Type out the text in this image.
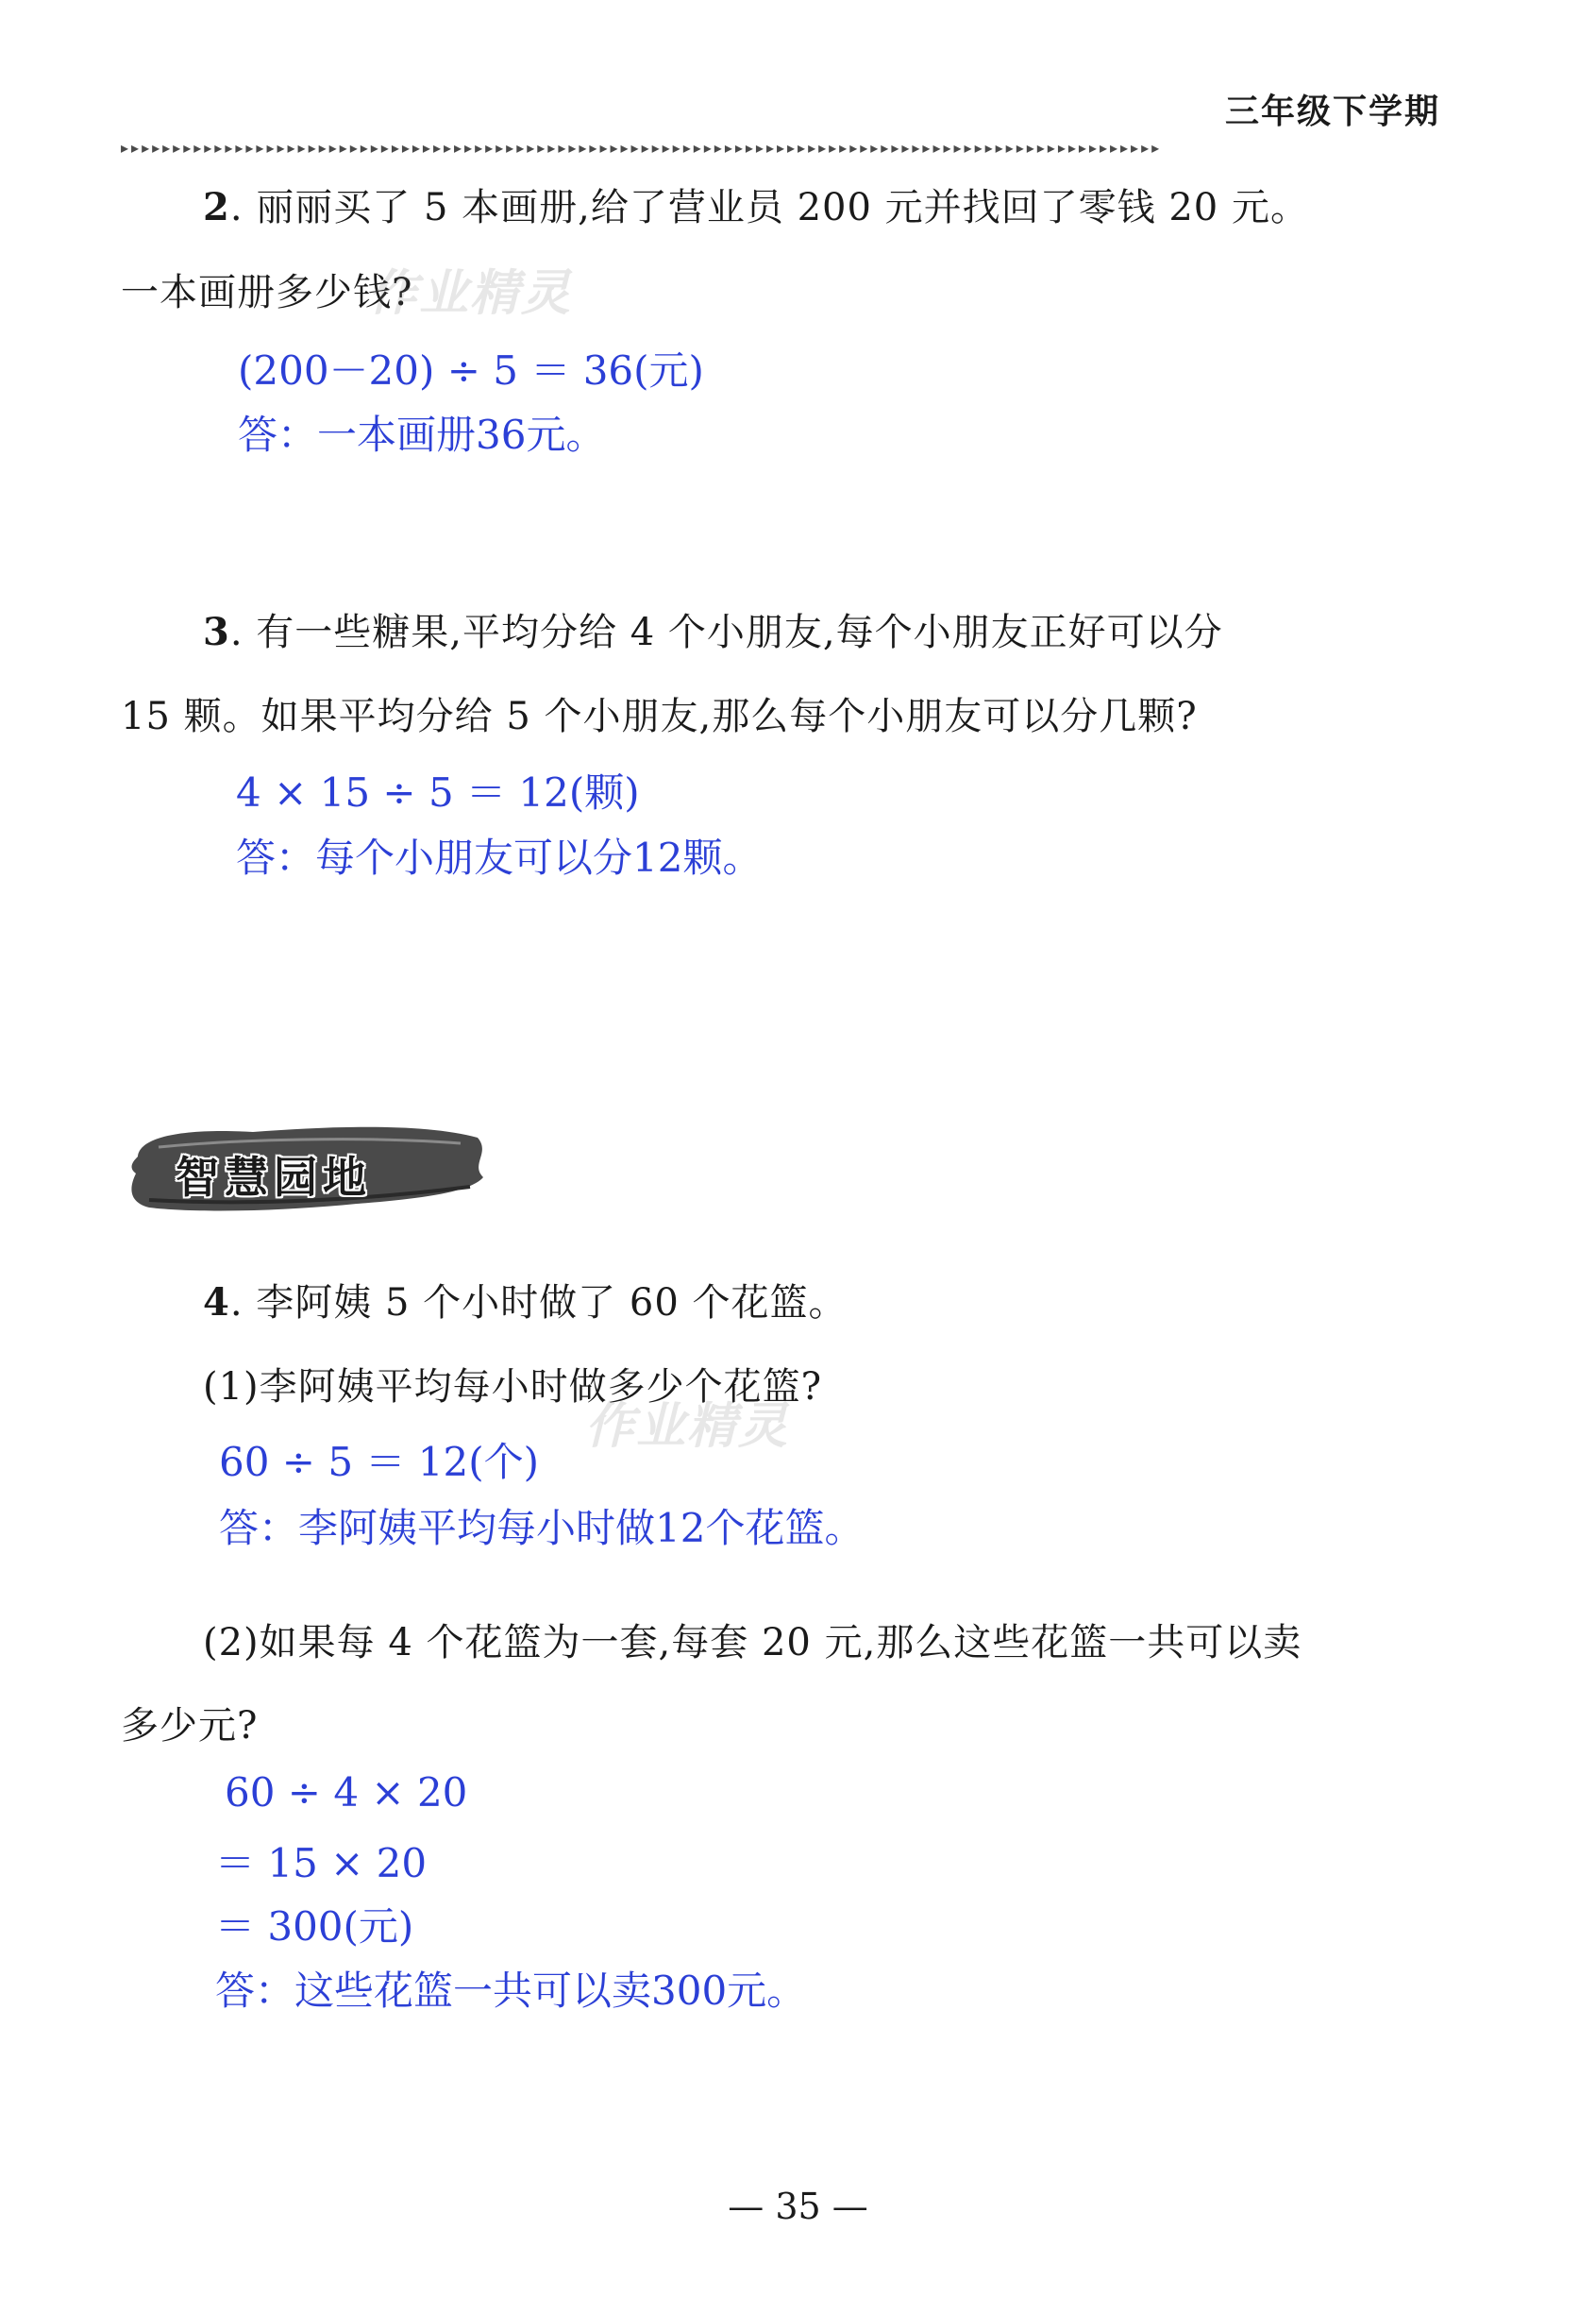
三年级下学期
▸▸▸▸▸▸▸▸▸▸▸▸▸▸▸▸▸▸▸▸▸▸▸▸▸▸▸▸▸▸▸▸▸▸▸▸▸▸▸▸▸▸▸▸▸▸▸▸▸▸▸▸▸▸▸▸▸▸▸▸▸▸▸▸▸▸▸▸▸▸▸▸▸▸▸▸▸▸▸▸▸▸▸▸▸▸▸▸▸▸▸▸▸▸▸▸▸▸▸▸
2. 丽丽买了 5 本画册,给了营业员 200 元并找回了零钱 20 元。
一本画册多少钱?
作业精灵
(200－20) ÷ 5 ＝ 36(元)
答：一本画册36元。
3. 有一些糖果,平均分给 4 个小朋友,每个小朋友正好可以分
15 颗。如果平均分给 5 个小朋友,那么每个小朋友可以分几颗?
4 × 15 ÷ 5 ＝ 12(颗)
答：每个小朋友可以分12颗。
智慧园地
4. 李阿姨 5 个小时做了 60 个花篮。
(1)李阿姨平均每小时做多少个花篮?
作业精灵
60 ÷ 5 ＝ 12(个)
答：李阿姨平均每小时做12个花篮。
(2)如果每 4 个花篮为一套,每套 20 元,那么这些花篮一共可以卖
多少元?
60 ÷ 4 × 20
＝ 15 × 20
＝ 300(元)
答：这些花篮一共可以卖300元。
— 35 —
